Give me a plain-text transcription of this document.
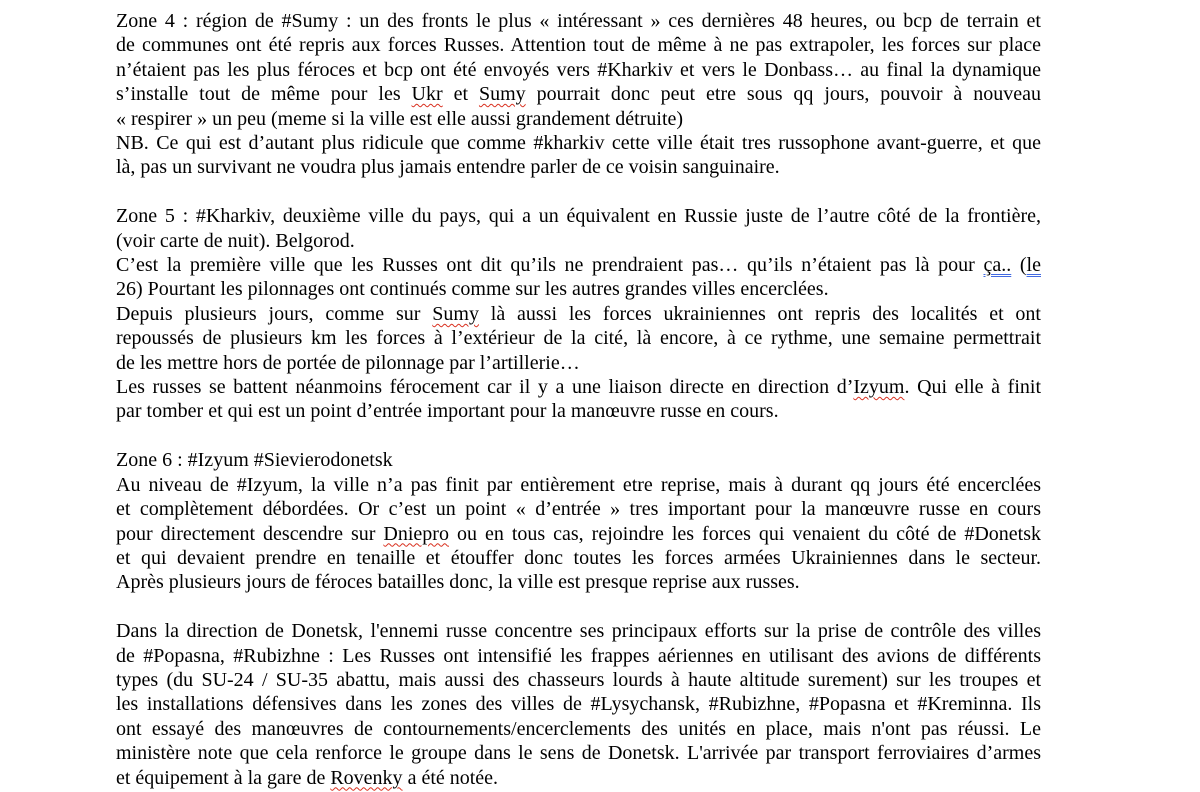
Zone 4 : région de #Sumy : un des fronts le plus « intéressant » ces dernières 48 heures, ou bcp de terrain et
de communes ont été repris aux forces Russes. Attention tout de même à ne pas extrapoler, les forces sur place
n’étaient pas les plus féroces et bcp ont été envoyés vers #Kharkiv et vers le Donbass… au final la dynamique
s’installe tout de même pour les Ukr et Sumy pourrait donc peut etre sous qq jours, pouvoir à nouveau
« respirer » un peu (meme si la ville est elle aussi grandement détruite)
NB. Ce qui est d’autant plus ridicule que comme #kharkiv cette ville était tres russophone avant-guerre, et que
là, pas un survivant ne voudra plus jamais entendre parler de ce voisin sanguinaire.
Zone 5 : #Kharkiv, deuxième ville du pays, qui a un équivalent en Russie juste de l’autre côté de la frontière,
(voir carte de nuit). Belgorod.
C’est la première ville que les Russes ont dit qu’ils ne prendraient pas… qu’ils n’étaient pas là pour ça.. (le
26) Pourtant les pilonnages ont continués comme sur les autres grandes villes encerclées.
Depuis plusieurs jours, comme sur Sumy là aussi les forces ukrainiennes ont repris des localités et ont
repoussés de plusieurs km les forces à l’extérieur de la cité, là encore, à ce rythme, une semaine permettrait
de les mettre hors de portée de pilonnage par l’artillerie…
Les russes se battent néanmoins férocement car il y a une liaison directe en direction d’Izyum. Qui elle à finit
par tomber et qui est un point d’entrée important pour la manœuvre russe en cours.
Zone 6 : #Izyum #Sievierodonetsk
Au niveau de #Izyum, la ville n’a pas finit par entièrement etre reprise, mais à durant qq jours été encerclées
et complètement débordées. Or c’est un point « d’entrée » tres important pour la manœuvre russe en cours
pour directement descendre sur Dniepro ou en tous cas, rejoindre les forces qui venaient du côté de #Donetsk
et qui devaient prendre en tenaille et étouffer donc toutes les forces armées Ukrainiennes dans le secteur.
Après plusieurs jours de féroces batailles donc, la ville est presque reprise aux russes.
Dans la direction de Donetsk, l'ennemi russe concentre ses principaux efforts sur la prise de contrôle des villes
de #Popasna, #Rubizhne : Les Russes ont intensifié les frappes aériennes en utilisant des avions de différents
types (du SU-24 / SU-35 abattu, mais aussi des chasseurs lourds à haute altitude surement) sur les troupes et
les installations défensives dans les zones des villes de #Lysychansk, #Rubizhne, #Popasna et #Kreminna. Ils
ont essayé des manœuvres de contournements/encerclements des unités en place, mais n'ont pas réussi. Le
ministère note que cela renforce le groupe dans le sens de Donetsk. L'arrivée par transport ferroviaires d’armes
et équipement à la gare de Rovenky a été notée.
